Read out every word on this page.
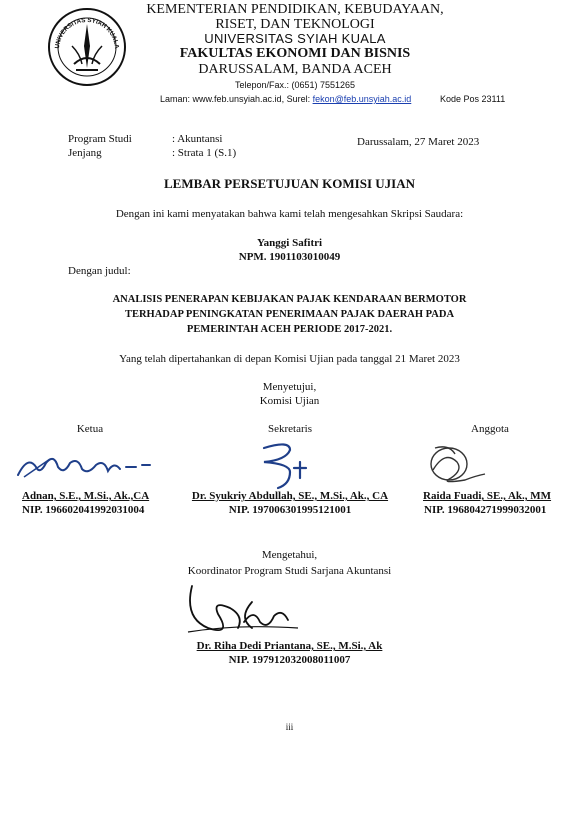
UNIVERSITAS SYIAH KUALA
KEMENTERIAN PENDIDIKAN, KEBUDAYAAN,
RISET, DAN TEKNOLOGI
UNIVERSITAS SYIAH KUALA
FAKULTAS EKONOMI DAN BISNIS
DARUSSALAM, BANDA ACEH
Telepon/Fax.: (0651) 7551265
Laman: www.feb.unsyiah.ac.id, Surel: fekon@feb.unsyiah.ac.id	Kode Pos 23111
Program Studi	: Akuntansi
Jenjang	: Strata 1 (S.1)
Darussalam, 27 Maret 2023
LEMBAR PERSETUJUAN KOMISI UJIAN
Dengan ini kami menyatakan bahwa kami telah mengesahkan Skripsi Saudara:
Yanggi Safitri
NPM. 1901103010049
Dengan judul:
ANALISIS PENERAPAN KEBIJAKAN PAJAK KENDARAAN BERMOTOR
TERHADAP PENINGKATAN PENERIMAAN PAJAK DAERAH PADA
PEMERINTAH ACEH PERIODE 2017-2021.
Yang telah dipertahankan di depan Komisi Ujian pada tanggal 21 Maret 2023
Menyetujui,
Komisi Ujian
Ketua	Sekretaris	Anggota
Adnan, S.E., M.Si., Ak.,CA
NIP. 196602041992031004
Dr. Syukriy Abdullah, SE., M.Si., Ak., CA
NIP. 197006301995121001
Raida Fuadi, SE., Ak., MM
NIP. 196804271999032001
Mengetahui,
Koordinator Program Studi Sarjana Akuntansi
Dr. Riha Dedi Priantana, SE., M.Si., Ak
NIP. 197912032008011007
iii
